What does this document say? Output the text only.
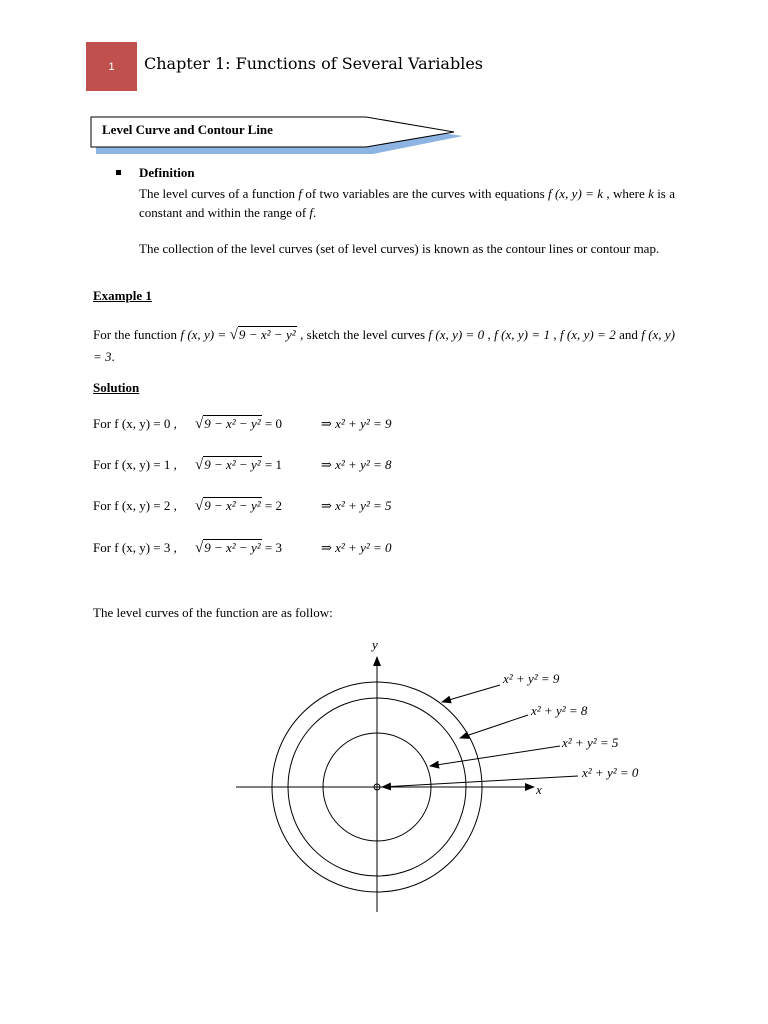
1	Chapter 1: Functions of Several Variables
Level Curve and Contour Line
Definition
The level curves of a function f of two variables are the curves with equations f (x, y) = k , where k is a constant and within the range of f.
The collection of the level curves (set of level curves) is known as the contour lines or contour map.
Example 1
For the function f (x, y) = √9 − x² − y² , sketch the level curves f (x, y) = 0 , f (x, y) = 1 , f (x, y) = 2 and f (x, y) = 3.
Solution
For f (x, y) = 0 , √9 − x² − y² = 0	⇒ x² + y² = 9
For f (x, y) = 1 , √9 − x² − y² = 1	⇒ x² + y² = 8
For f (x, y) = 2 , √9 − x² − y² = 2	⇒ x² + y² = 5
For f (x, y) = 3 , √9 − x² − y² = 3	⇒ x² + y² = 0
The level curves of the function are as follow:
x
y
x² + y² = 9
x² + y² = 8
x² + y² = 5
x² + y² = 0
